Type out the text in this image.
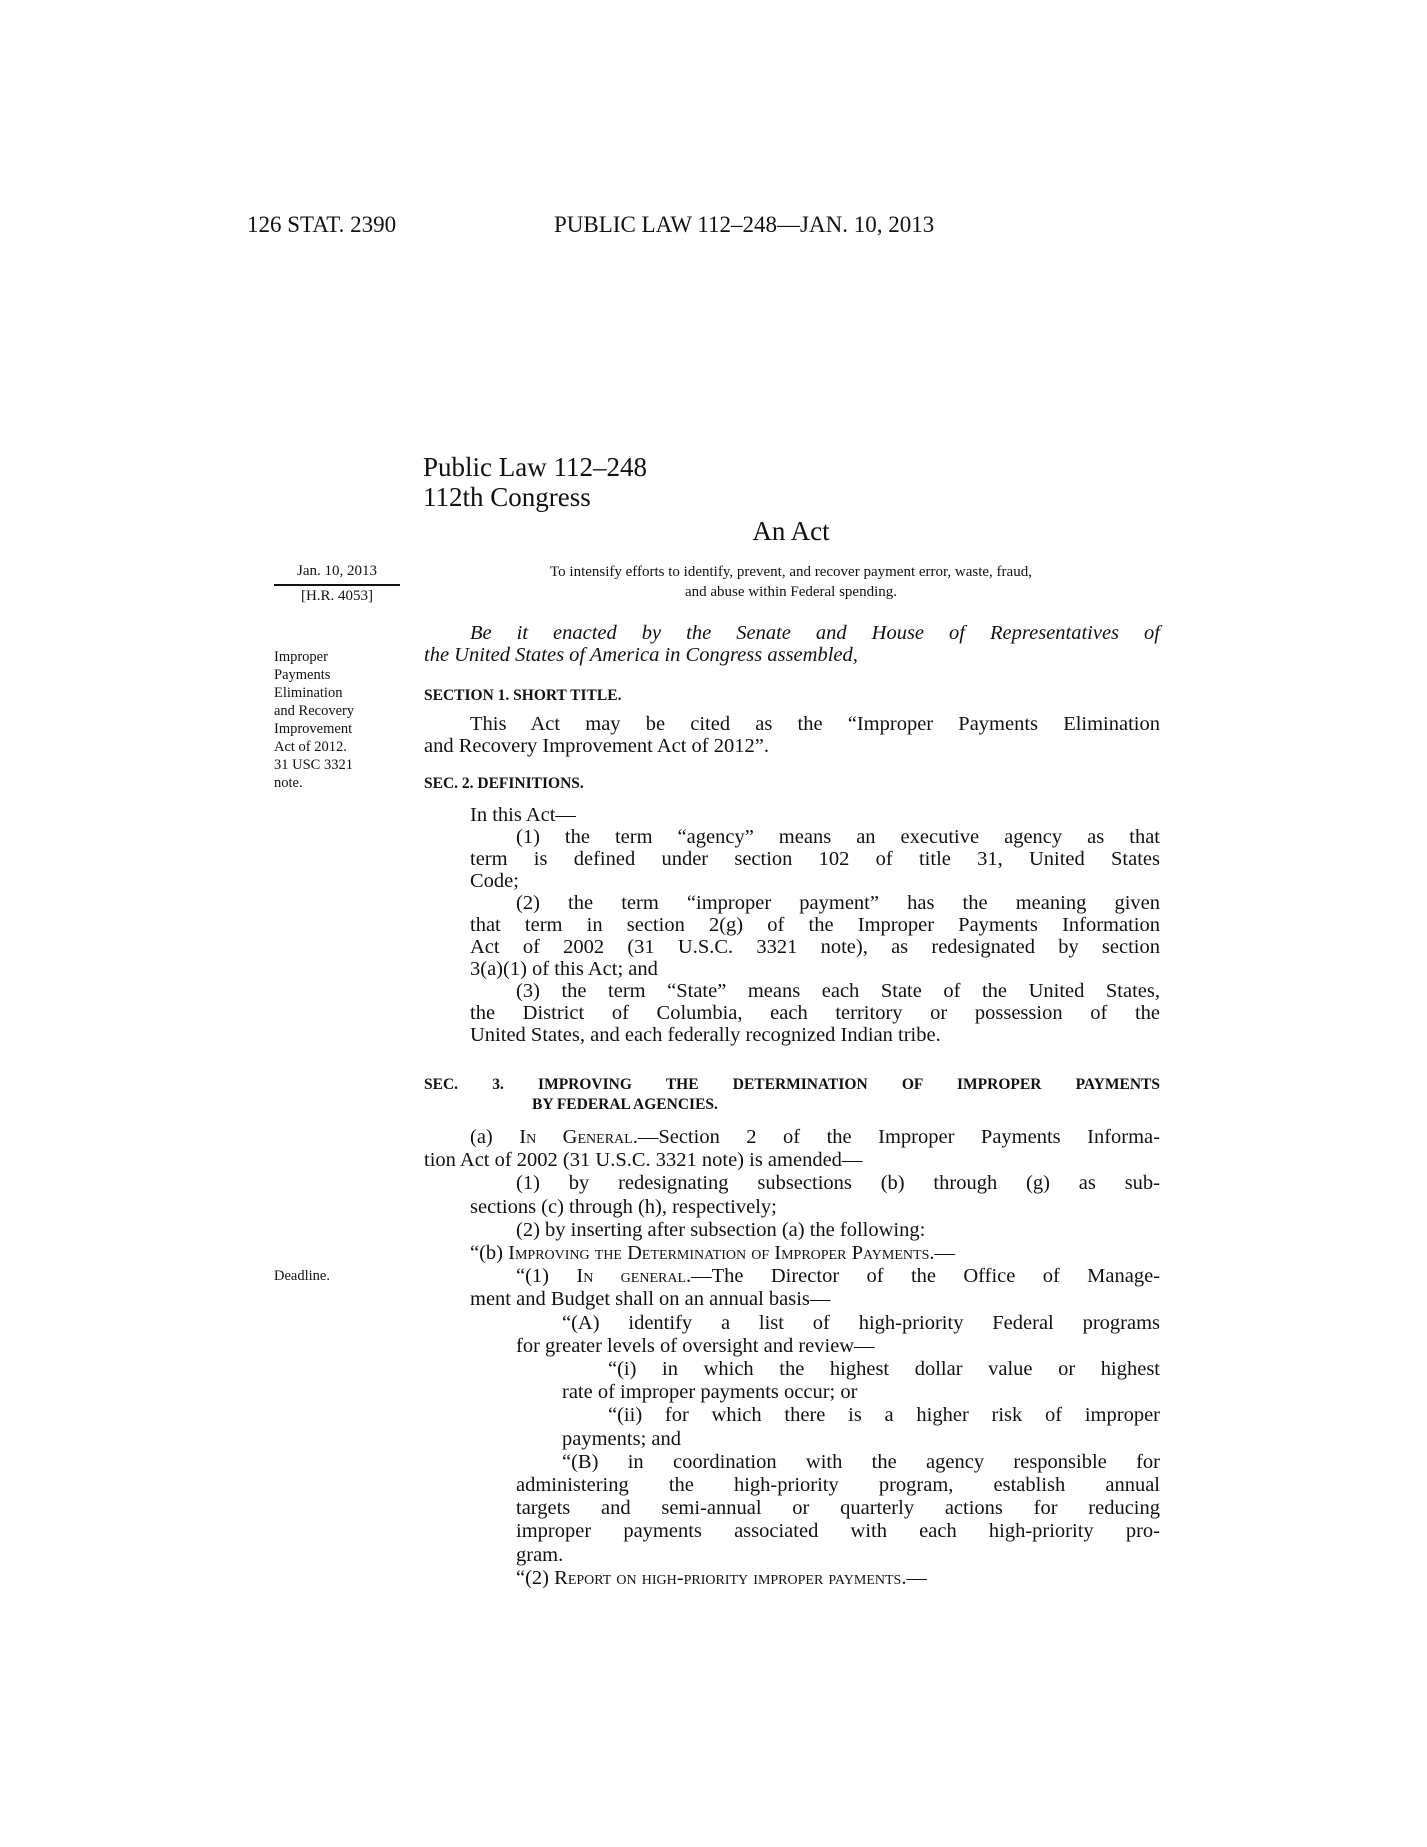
126 STAT. 2390	PUBLIC LAW 112–248—JAN. 10, 2013
Public Law 112–248
112th Congress
An Act
Jan. 10, 2013
[H.R. 4053]
To intensify efforts to identify, prevent, and recover payment error, waste, fraud,
and abuse within Federal spending.
Improper
Payments
Elimination
and Recovery
Improvement
Act of 2012.
31 USC 3321
note.
Deadline.
Be it enacted by the Senate and House of Representatives of
the United States of America in Congress assembled,
SECTION 1. SHORT TITLE.
This Act may be cited as the “Improper Payments Elimination
and Recovery Improvement Act of 2012”.
SEC. 2. DEFINITIONS.
In this Act—
(1) the term “agency” means an executive agency as that
term is defined under section 102 of title 31, United States
Code;
(2) the term “improper payment” has the meaning given
that term in section 2(g) of the Improper Payments Information
Act of 2002 (31 U.S.C. 3321 note), as redesignated by section
3(a)(1) of this Act; and
(3) the term “State” means each State of the United States,
the District of Columbia, each territory or possession of the
United States, and each federally recognized Indian tribe.
SEC. 3. IMPROVING THE DETERMINATION OF IMPROPER PAYMENTS
BY FEDERAL AGENCIES.
(a) In General.—Section 2 of the Improper Payments Informa-
tion Act of 2002 (31 U.S.C. 3321 note) is amended—
(1) by redesignating subsections (b) through (g) as sub-
sections (c) through (h), respectively;
(2) by inserting after subsection (a) the following:
“(b) Improving the Determination of Improper Payments.—
“(1) In general.—The Director of the Office of Manage-
ment and Budget shall on an annual basis—
“(A) identify a list of high-priority Federal programs
for greater levels of oversight and review—
“(i) in which the highest dollar value or highest
rate of improper payments occur; or
“(ii) for which there is a higher risk of improper
payments; and
“(B) in coordination with the agency responsible for
administering the high-priority program, establish annual
targets and semi-annual or quarterly actions for reducing
improper payments associated with each high-priority pro-
gram.
“(2) Report on high-priority improper payments.—
